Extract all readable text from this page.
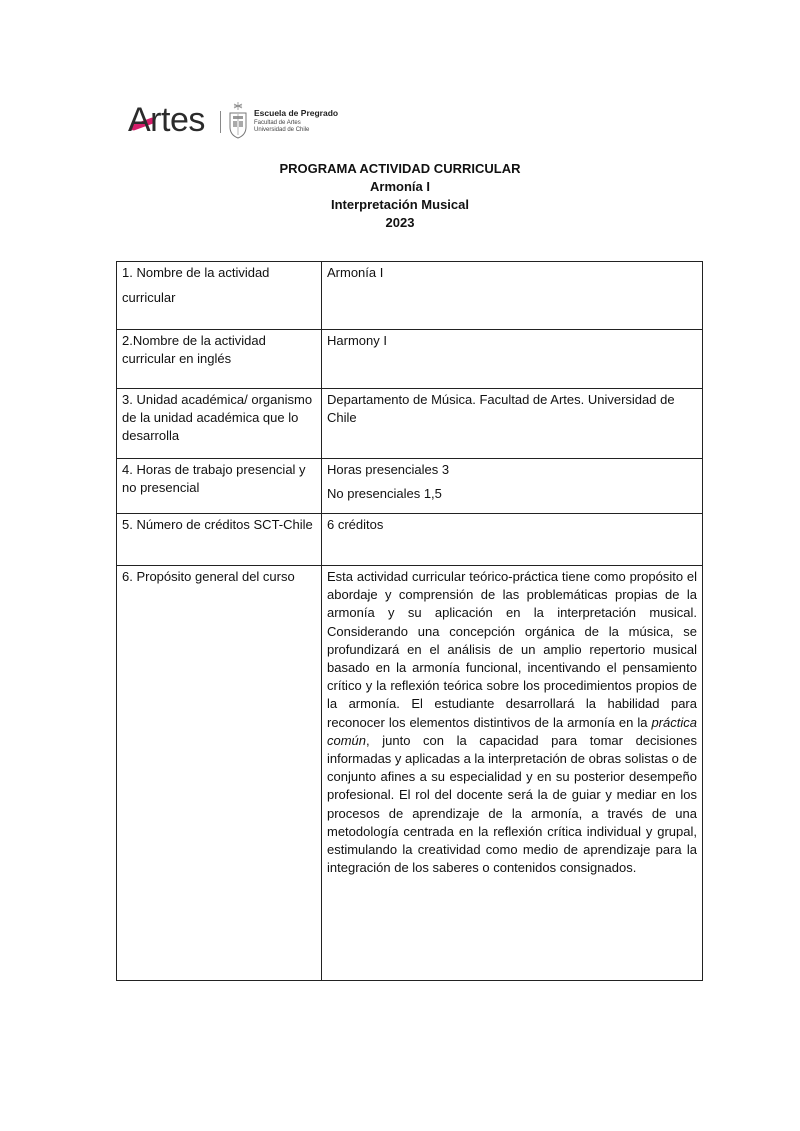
Artes	Escuela de Pregrado
Facultad de Artes
Universidad de Chile
PROGRAMA ACTIVIDAD CURRICULAR
Armonía I
Interpretación Musical
2023
1. Nombre de la actividad
curricular	Armonía I
2.Nombre de la actividad curricular en inglés	Harmony I
3. Unidad académica/ organismo de la unidad académica que lo desarrolla	Departamento de Música. Facultad de Artes. Universidad de Chile
4. Horas de trabajo presencial y no presencial	Horas presenciales 3
No presenciales 1,5

5. Número de créditos SCT-Chile	6 créditos
6. Propósito general del curso	Esta actividad curricular teórico-práctica tiene como propósito el abordaje y comprensión de las problemáticas propias de la armonía y su aplicación en la interpretación musical. Considerando una concepción orgánica de la música, se profundizará en el análisis de un amplio repertorio musical basado en la armonía funcional, incentivando el pensamiento crítico y la reflexión teórica sobre los procedimientos propios de la armonía. El estudiante desarrollará la habilidad para reconocer los elementos distintivos de la armonía en la práctica común, junto con la capacidad para tomar decisiones informadas y aplicadas a la interpretación de obras solistas o de conjunto afines a su especialidad y en su posterior desempeño profesional. El rol del docente será la de guiar y mediar en los procesos de aprendizaje de la armonía, a través de una metodología centrada en la reflexión crítica individual y grupal, estimulando la creatividad como medio de aprendizaje para la integración de los saberes o contenidos consignados.
